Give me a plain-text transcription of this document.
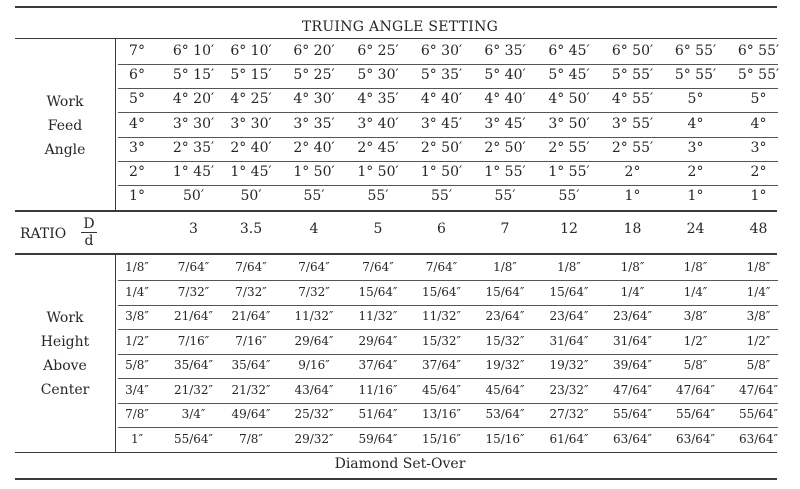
TRUING ANGLE SETTING
Work
Feed
Angle
Work
Height
Above
Center
RATIO
D
d
7°	6° 10′	6° 10′	6° 20′	6° 25′	6° 30′	6° 35′	6° 45′	6° 50′	6° 55′	6° 55′
6°	5° 15′	5° 15′	5° 25′	5° 30′	5° 35′	5° 40′	5° 45′	5° 55′	5° 55′	5° 55′
5°	4° 20′	4° 25′	4° 30′	4° 35′	4° 40′	4° 40′	4° 50′	4° 55′	5°	5°
4°	3° 30′	3° 30′	3° 35′	3° 40′	3° 45′	3° 45′	3° 50′	3° 55′	4°	4°
3°	2° 35′	2° 40′	2° 40′	2° 45′	2° 50′	2° 50′	2° 55′	2° 55′	3°	3°
2°	1° 45′	1° 45′	1° 50′	1° 50′	1° 50′	1° 55′	1° 55′	2°	2°	2°
1°	50′	50′	55′	55′	55′	55′	55′	1°	1°	1°
3	3.5	4	5	6	7	12	18	24	48
1/8″	7/64″	7/64″	7/64″	7/64″	7/64″	1/8″	1/8″	1/8″	1/8″	1/8″
1/4″	7/32″	7/32″	7/32″	15/64″	15/64″	15/64″	15/64″	1/4″	1/4″	1/4″
3/8″	21/64″	21/64″	11/32″	11/32″	11/32″	23/64″	23/64″	23/64″	3/8″	3/8″
1/2″	7/16″	7/16″	29/64″	29/64″	15/32″	15/32″	31/64″	31/64″	1/2″	1/2″
5/8″	35/64″	35/64″	9/16″	37/64″	37/64″	19/32″	19/32″	39/64″	5/8″	5/8″
3/4″	21/32″	21/32″	43/64″	11/16″	45/64″	45/64″	23/32″	47/64″	47/64″	47/64″
7/8″	3/4″	49/64″	25/32″	51/64″	13/16″	53/64″	27/32″	55/64″	55/64″	55/64″
1″	55/64″	7/8″	29/32″	59/64″	15/16″	15/16″	61/64″	63/64″	63/64″	63/64″
Diamond Set-Over
